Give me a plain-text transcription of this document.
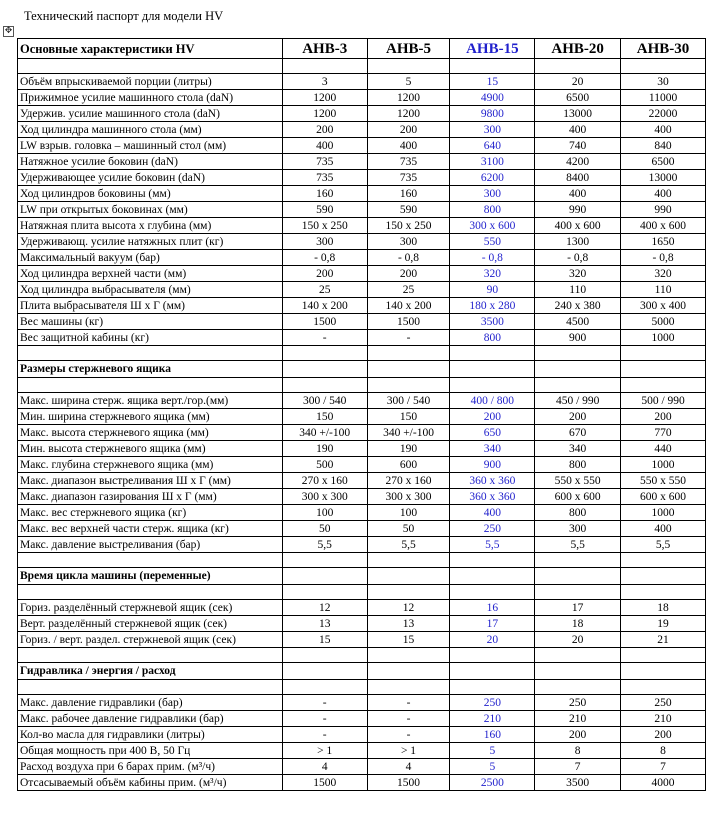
Технический паспорт для модели HV
✥
Основные характеристики HV	AHB-3	AHB-5	AHB-15	AHB-20	AHB-30

Объём впрыскиваемой порции (литры)	3	5	15	20	30
Прижимное усилие машинного стола (daN)	1200	1200	4900	6500	11000
Удержив. усилие машинного стола (daN)	1200	1200	9800	13000	22000
Ход цилиндра машинного стола (мм)	200	200	300	400	400
LW взрыв. головка – машинный стол (мм)	400	400	640	740	840
Натяжное усилие боковин (daN)	735	735	3100	4200	6500
Удерживающее усилие боковин (daN)	735	735	6200	8400	13000
Ход цилиндров боковины (мм)	160	160	300	400	400
LW при открытых боковинах (мм)	590	590	800	990	990
Натяжная плита высота x глубина (мм)	150 x 250	150 x 250	300 x 600	400 x 600	400 x 600
Удерживающ. усилие натяжных плит (кг)	300	300	550	1300	1650
Максимальный вакуум (бар)	- 0,8	- 0,8	- 0,8	- 0,8	- 0,8
Ход цилиндра верхней части (мм)	200	200	320	320	320
Ход цилиндра выбрасывателя (мм)	25	25	90	110	110
Плита выбрасывателя Ш x Г (мм)	140 x 200	140 x 200	180 x 280	240 x 380	300 x 400
Вес машины (кг)	1500	1500	3500	4500	5000
Вес защитной кабины (кг)	-	-	800	900	1000

Размеры стержневого ящика					

Макс. ширина стерж. ящика верт./гор.(мм)	300 / 540	300 / 540	400 / 800	450 / 990	500 / 990
Мин. ширина стержневого ящика (мм)	150	150	200	200	200
Макс. высота стержневого ящика (мм)	340 +/-100	340 +/-100	650	670	770
Мин. высота стержневого ящика (мм)	190	190	340	340	440
Макс. глубина стержневого ящика (мм)	500	600	900	800	1000
Макс. диапазон выстреливания Ш x Г (мм)	270 x 160	270 x 160	360 x 360	550 x 550	550 x 550
Макс. диапазон газирования Ш x Г (мм)	300 x 300	300 x 300	360 x 360	600 x 600	600 x 600
Макс. вес стержневого ящика (кг)	100	100	400	800	1000
Макс. вес верхней части стерж. ящика (кг)	50	50	250	300	400
Макс. давление выстреливания (бар)	5,5	5,5	5,5	5,5	5,5

Время цикла машины (переменные)					

Гориз. разделённый стержневой ящик (сек)	12	12	16	17	18
Верт. разделённый стержневой ящик (сек)	13	13	17	18	19
Гориз. / верт. раздел. стержневой ящик (сек)	15	15	20	20	21

Гидравлика / энергия / расход					

Макс. давление гидравлики (бар)	-	-	250	250	250
Макс. рабочее давление гидравлики (бар)	-	-	210	210	210
Кол-во масла для гидравлики (литры)	-	-	160	200	200
Общая мощность при 400 В, 50 Гц	> 1	> 1	5	8	8
Расход воздуха при 6 барах прим. (м³/ч)	4	4	5	7	7
Отсасываемый объём кабины прим. (м³/ч)	1500	1500	2500	3500	4000
